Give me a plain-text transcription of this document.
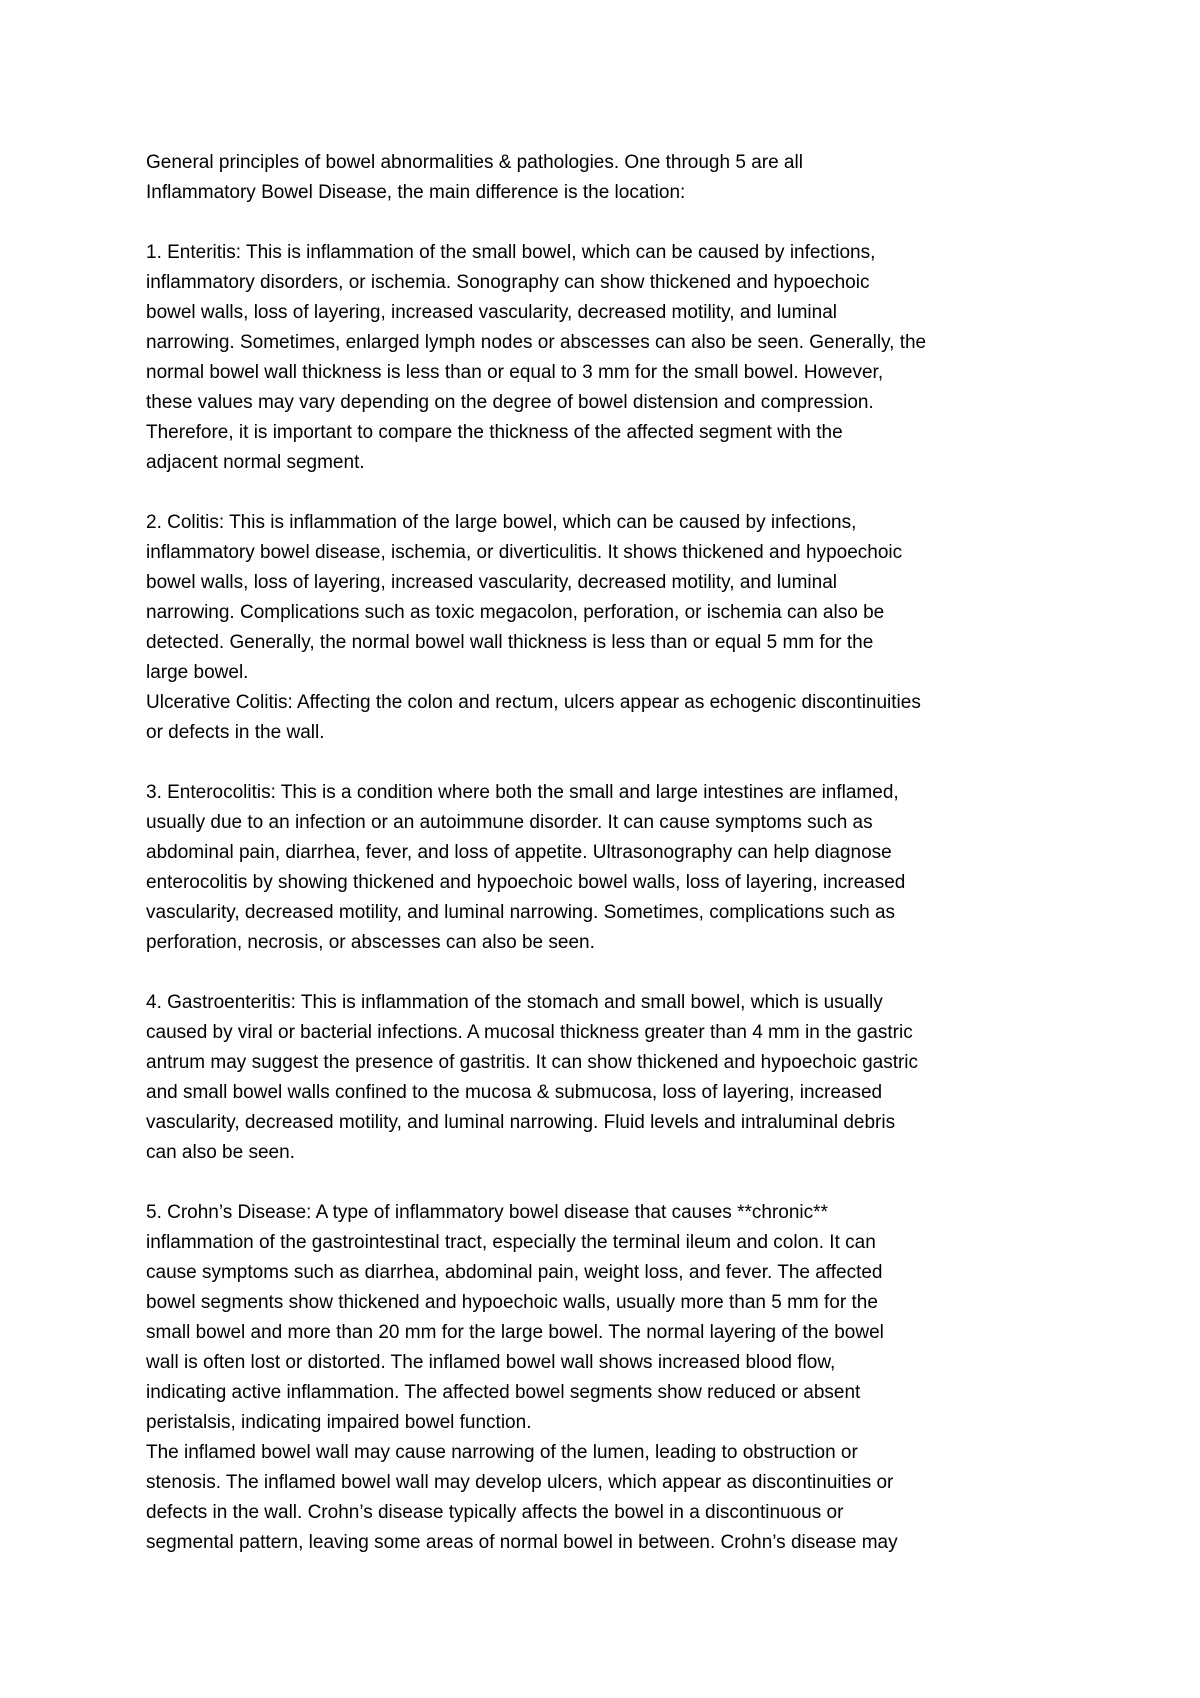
General principles of bowel abnormalities & pathologies. One through 5 are all
Inflammatory Bowel Disease, the main difference is the location:
1. Enteritis: This is inflammation of the small bowel, which can be caused by infections,
inflammatory disorders, or ischemia. Sonography can show thickened and hypoechoic
bowel walls, loss of layering, increased vascularity, decreased motility, and luminal
narrowing. Sometimes, enlarged lymph nodes or abscesses can also be seen. Generally, the
normal bowel wall thickness is less than or equal to 3 mm for the small bowel. However,
these values may vary depending on the degree of bowel distension and compression.
Therefore, it is important to compare the thickness of the affected segment with the
adjacent normal segment.
2. Colitis: This is inflammation of the large bowel, which can be caused by infections,
inflammatory bowel disease, ischemia, or diverticulitis. It shows thickened and hypoechoic
bowel walls, loss of layering, increased vascularity, decreased motility, and luminal
narrowing. Complications such as toxic megacolon, perforation, or ischemia can also be
detected. Generally, the normal bowel wall thickness is less than or equal 5 mm for the
large bowel.
Ulcerative Colitis: Affecting the colon and rectum, ulcers appear as echogenic discontinuities
or defects in the wall.
3. Enterocolitis: This is a condition where both the small and large intestines are inflamed,
usually due to an infection or an autoimmune disorder. It can cause symptoms such as
abdominal pain, diarrhea, fever, and loss of appetite. Ultrasonography can help diagnose
enterocolitis by showing thickened and hypoechoic bowel walls, loss of layering, increased
vascularity, decreased motility, and luminal narrowing. Sometimes, complications such as
perforation, necrosis, or abscesses can also be seen.
4. Gastroenteritis: This is inflammation of the stomach and small bowel, which is usually
caused by viral or bacterial infections. A mucosal thickness greater than 4 mm in the gastric
antrum may suggest the presence of gastritis. It can show thickened and hypoechoic gastric
and small bowel walls confined to the mucosa & submucosa, loss of layering, increased
vascularity, decreased motility, and luminal narrowing. Fluid levels and intraluminal debris
can also be seen.
5. Crohn’s Disease: A type of inflammatory bowel disease that causes **chronic**
inflammation of the gastrointestinal tract, especially the terminal ileum and colon. It can
cause symptoms such as diarrhea, abdominal pain, weight loss, and fever. The affected
bowel segments show thickened and hypoechoic walls, usually more than 5 mm for the
small bowel and more than 20 mm for the large bowel. The normal layering of the bowel
wall is often lost or distorted. The inflamed bowel wall shows increased blood flow,
indicating active inflammation. The affected bowel segments show reduced or absent
peristalsis, indicating impaired bowel function.
The inflamed bowel wall may cause narrowing of the lumen, leading to obstruction or
stenosis. The inflamed bowel wall may develop ulcers, which appear as discontinuities or
defects in the wall. Crohn’s disease typically affects the bowel in a discontinuous or
segmental pattern, leaving some areas of normal bowel in between. Crohn’s disease may
